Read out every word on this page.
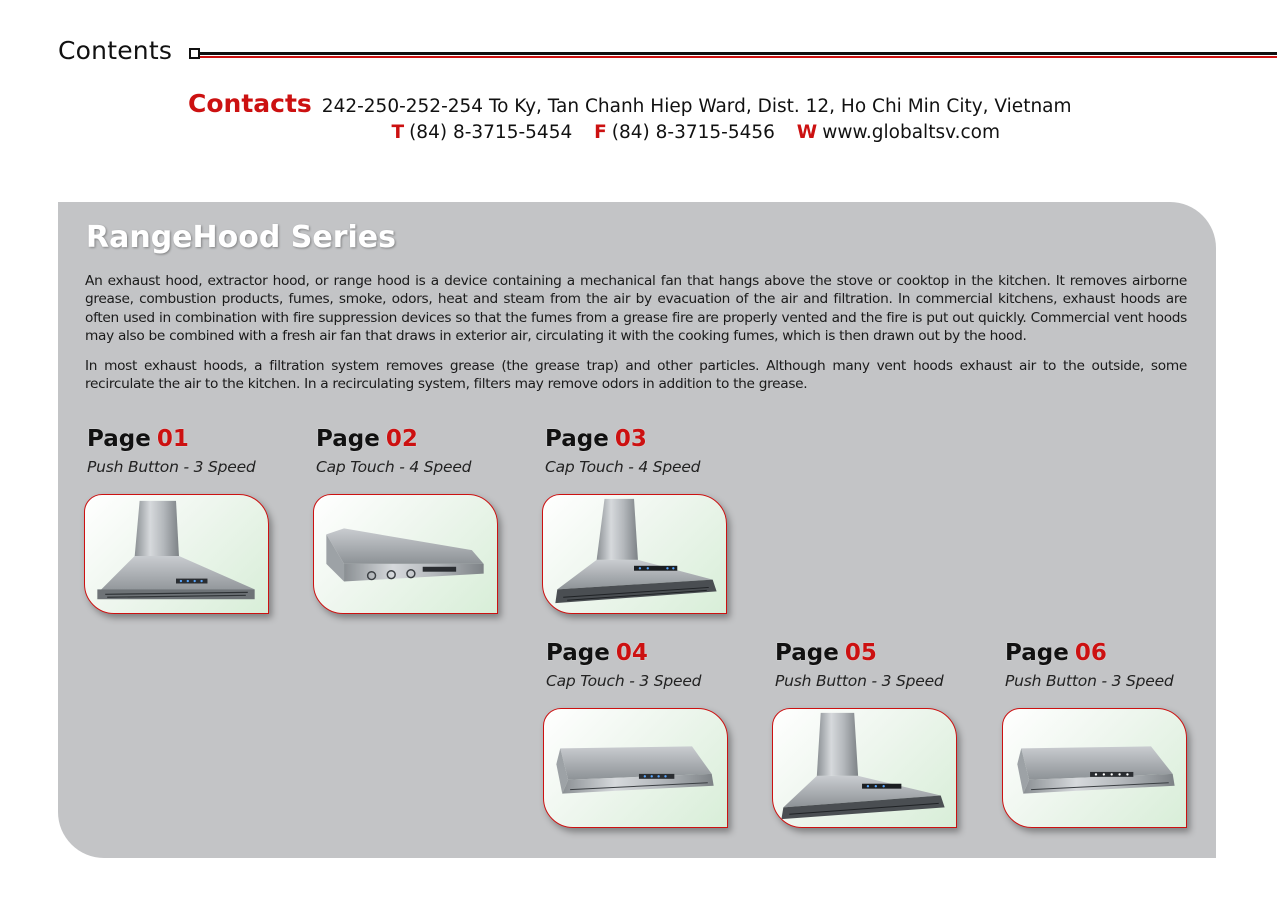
Contents
Contacts 242-250-252-254 To Ky, Tan Chanh Hiep Ward, Dist. 12, Ho Chi Min City, Vietnam
T (84) 8-3715-5454 F (84) 8-3715-5456 W www.globaltsv.com
RangeHood Series

An exhaust hood, extractor hood, or range hood is a device containing a mechanical fan that hangs above the stove or cooktop in the kitchen. It removes airborne grease, combustion products, fumes, smoke, odors, heat and steam from the air by evacuation of the air and filtration. In commercial kitchens, exhaust hoods are often used in combination with fire suppression devices so that the fumes from a grease fire are properly vented and the fire is put out quickly. Commercial vent hoods may also be combined with a fresh air fan that draws in exterior air, circulating it with the cooking fumes, which is then drawn out by the hood.

In most exhaust hoods, a filtration system removes grease (the grease trap) and other particles. Although many vent hoods exhaust air to the outside, some recirculate the air to the kitchen. In a recirculating system, filters may remove odors in addition to the grease.

Page 01
Push Button - 3 Speed
Page 02
Cap Touch - 4 Speed
Page 03
Cap Touch - 4 Speed
Page 04
Cap Touch - 3 Speed
Page 05
Push Button - 3 Speed
Page 06
Push Button - 3 Speed
